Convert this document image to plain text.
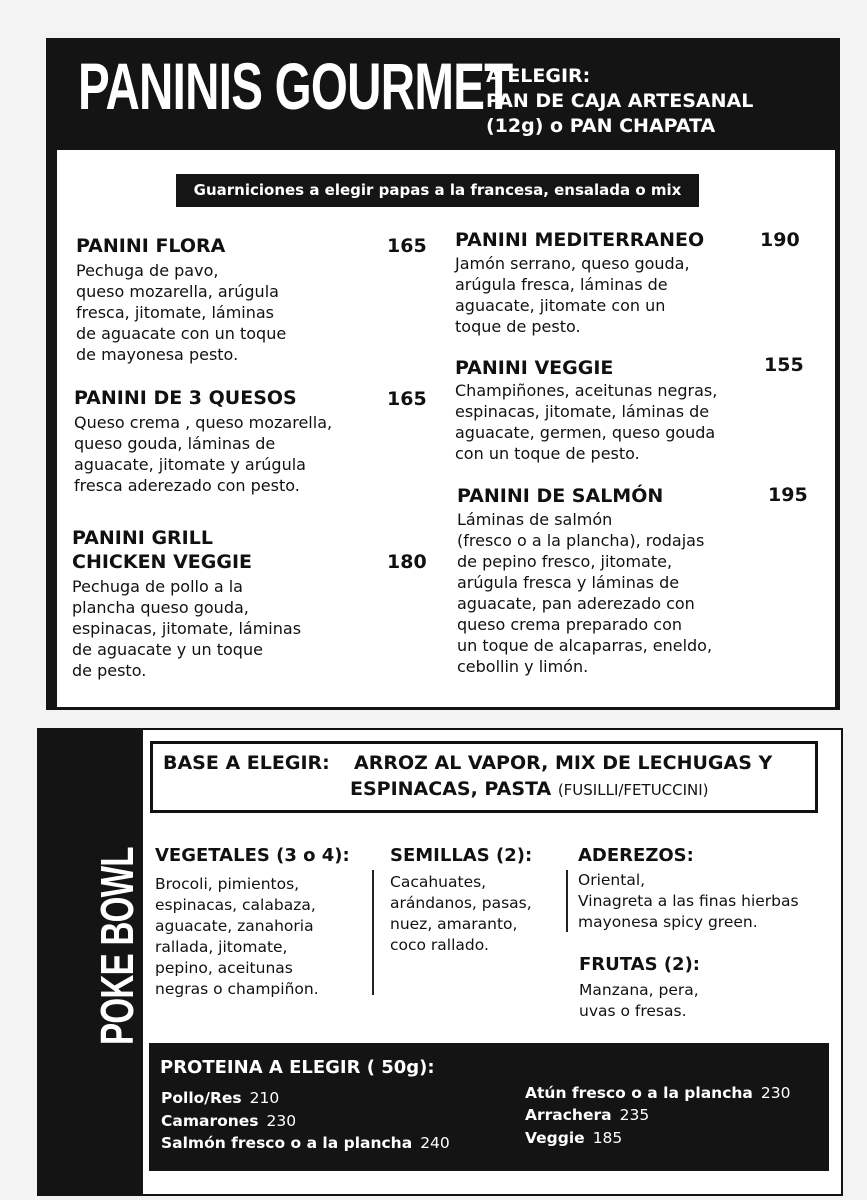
PANINIS GOURMET
A ELEGIR:
PAN DE CAJA ARTESANAL
(12g) o PAN CHAPATA
Guarniciones a elegir papas a la francesa, ensalada o mix
PANINI FLORA	165
Pechuga de pavo,
queso mozarella, arúgula
fresca, jitomate, láminas
de aguacate con un toque
de mayonesa pesto.
PANINI DE 3 QUESOS	165
Queso crema , queso mozarella,
queso gouda, láminas de
aguacate, jitomate y arúgula
fresca aderezado con pesto.
PANINI GRILL
CHICKEN VEGGIE	180
Pechuga de pollo a la
plancha queso gouda,
espinacas, jitomate, láminas
de aguacate y un toque
de pesto.
PANINI MEDITERRANEO	190
Jamón serrano, queso gouda,
arúgula fresca, láminas de
aguacate, jitomate con un
toque de pesto.
PANINI VEGGIE	155
Champiñones, aceitunas negras,
espinacas, jitomate, láminas de
aguacate, germen, queso gouda
con un toque de pesto.
PANINI DE SALMÓN	195
Láminas de salmón
(fresco o a la plancha), rodajas
de pepino fresco, jitomate,
arúgula fresca y láminas de
aguacate, pan aderezado con
queso crema preparado con
un toque de alcaparras, eneldo,
cebollin y limón.
POKE BOWL
BASE A ELEGIR: ARROZ AL VAPOR, MIX DE LECHUGAS Y
ESPINACAS, PASTA (FUSILLI/FETUCCINI)
VEGETALES (3 o 4):
Brocoli, pimientos,
espinacas, calabaza,
aguacate, zanahoria
rallada, jitomate,
pepino, aceitunas
negras o champiñon.
SEMILLAS (2):
Cacahuates,
arándanos, pasas,
nuez, amaranto,
coco rallado.
ADEREZOS:
Oriental,
Vinagreta a las finas hierbas
mayonesa spicy green.
FRUTAS (2):
Manzana, pera,
uvas o fresas.
PROTEINA A ELEGIR ( 50g):
Pollo/Res 210
Camarones 230
Salmón fresco o a la plancha 240
Atún fresco o a la plancha 230
Arrachera 235
Veggie 185
